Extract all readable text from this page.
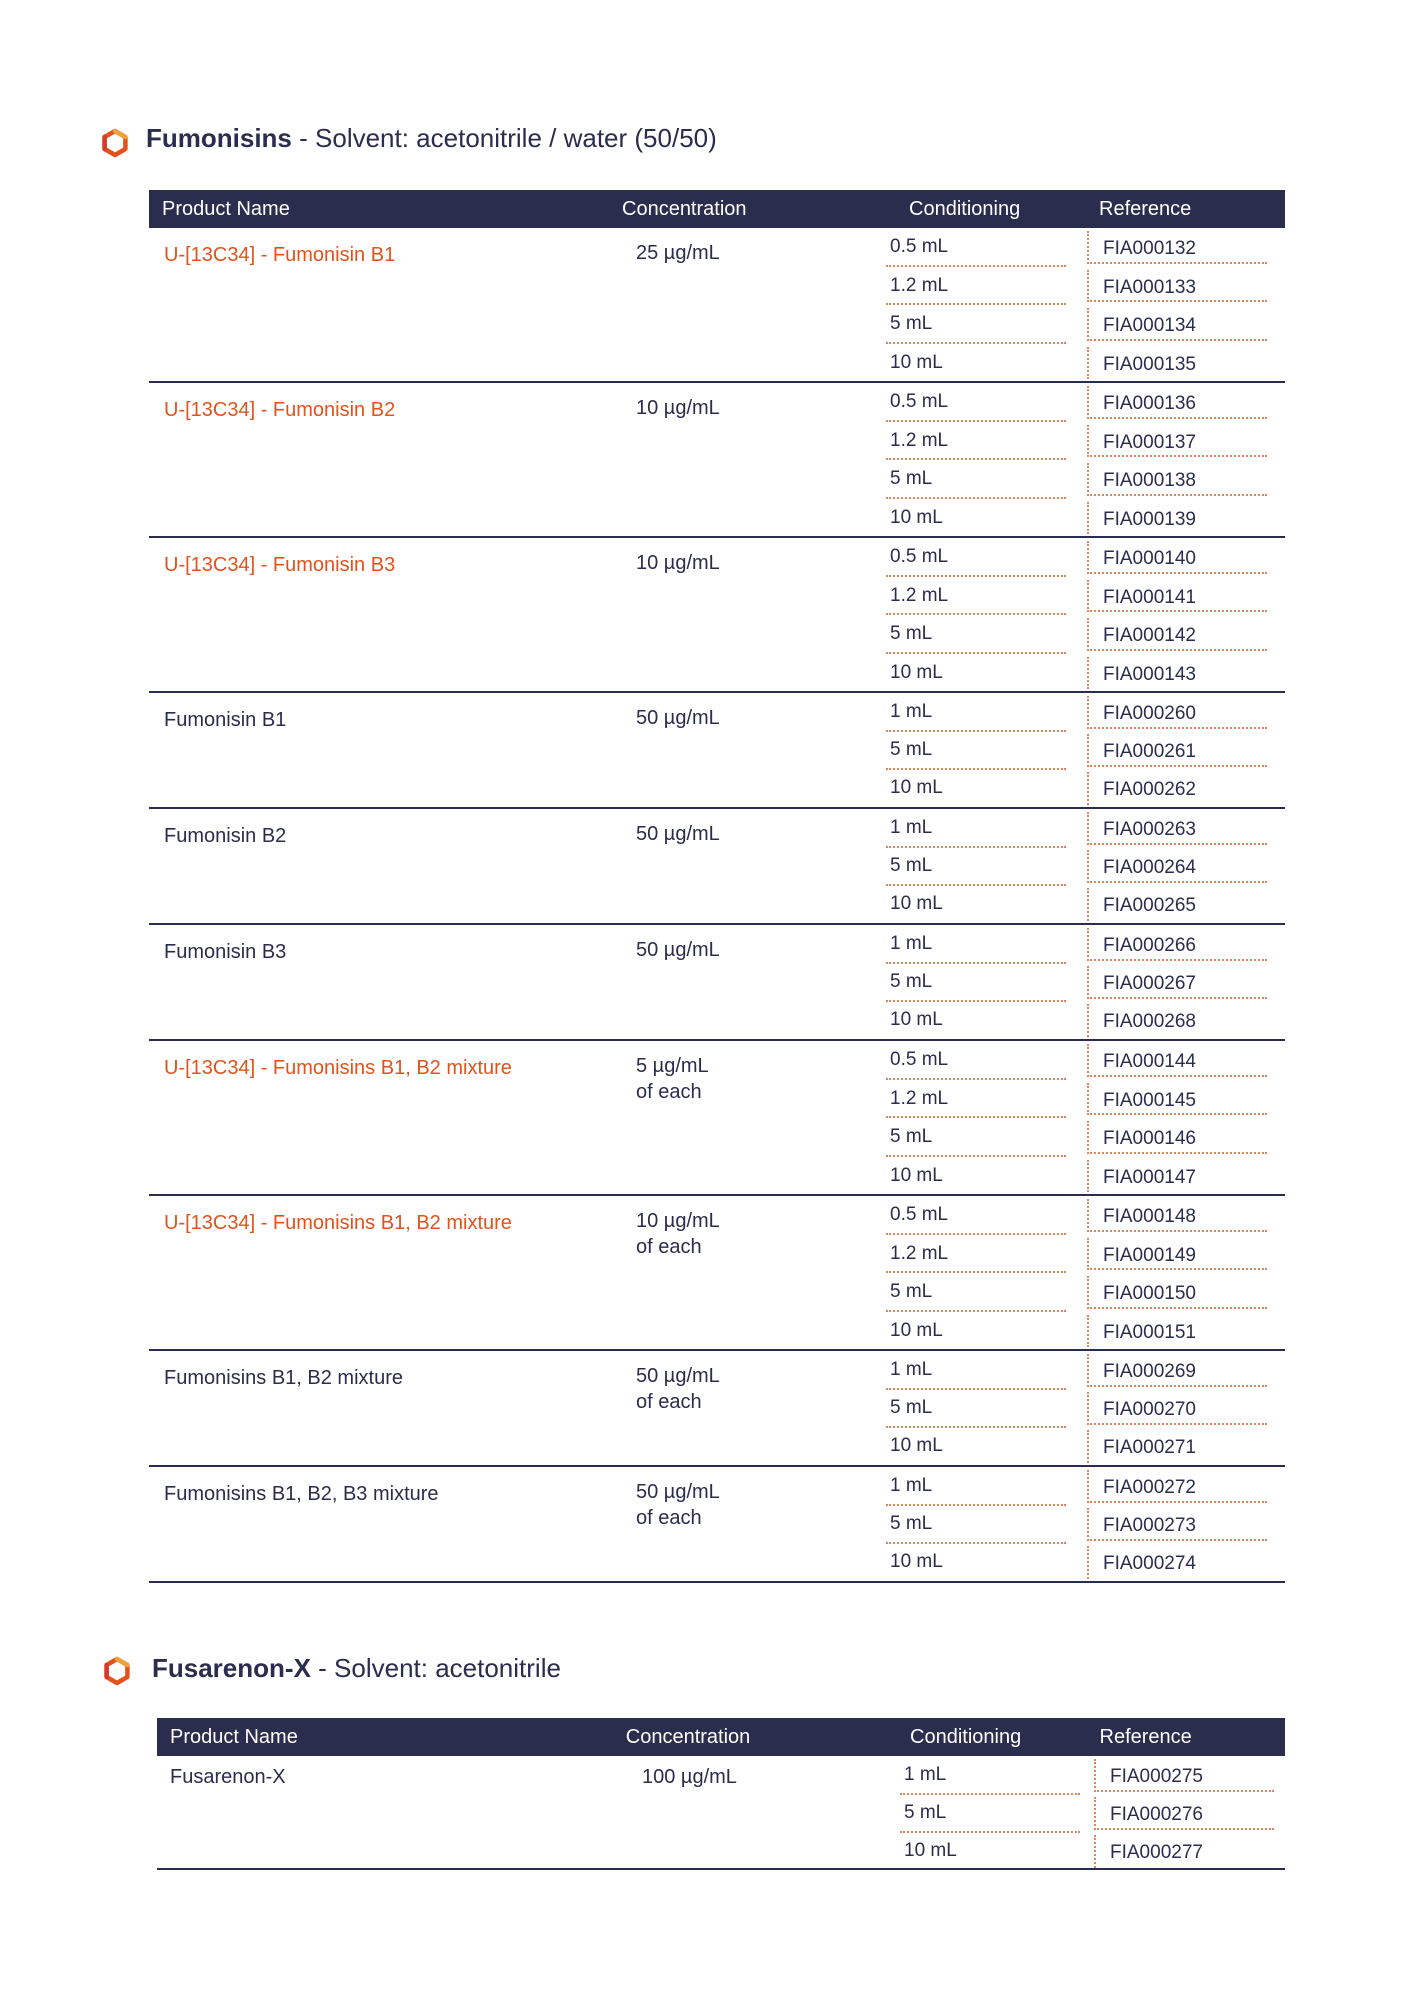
Fumonisins - Solvent: acetonitrile / water (50/50)
Product Name	Concentration	Conditioning	Reference
U-[13C34] - Fumonisin B1	25 µg/mL	0.5 mL	FIA000132
1.2 mL	FIA000133
5 mL	FIA000134
10 mL	FIA000135
U-[13C34] - Fumonisin B2	10 µg/mL	0.5 mL	FIA000136
1.2 mL	FIA000137
5 mL	FIA000138
10 mL	FIA000139
U-[13C34] - Fumonisin B3	10 µg/mL	0.5 mL	FIA000140
1.2 mL	FIA000141
5 mL	FIA000142
10 mL	FIA000143
Fumonisin B1	50 µg/mL	1 mL	FIA000260
5 mL	FIA000261
10 mL	FIA000262
Fumonisin B2	50 µg/mL	1 mL	FIA000263
5 mL	FIA000264
10 mL	FIA000265
Fumonisin B3	50 µg/mL	1 mL	FIA000266
5 mL	FIA000267
10 mL	FIA000268
U-[13C34] - Fumonisins B1, B2 mixture	5 µg/mL
of each
0.5 mL	FIA000144
1.2 mL	FIA000145
5 mL	FIA000146
10 mL	FIA000147
U-[13C34] - Fumonisins B1, B2 mixture	10 µg/mL
of each
0.5 mL	FIA000148
1.2 mL	FIA000149
5 mL	FIA000150
10 mL	FIA000151
Fumonisins B1, B2 mixture	50 µg/mL
of each
1 mL	FIA000269
5 mL	FIA000270
10 mL	FIA000271
Fumonisins B1, B2, B3 mixture	50 µg/mL
of each
1 mL	FIA000272
5 mL	FIA000273
10 mL	FIA000274
Fusarenon-X - Solvent: acetonitrile
Product Name	Concentration	Conditioning	Reference
Fusarenon-X	100 µg/mL	1 mL	FIA000275
5 mL	FIA000276
10 mL	FIA000277
